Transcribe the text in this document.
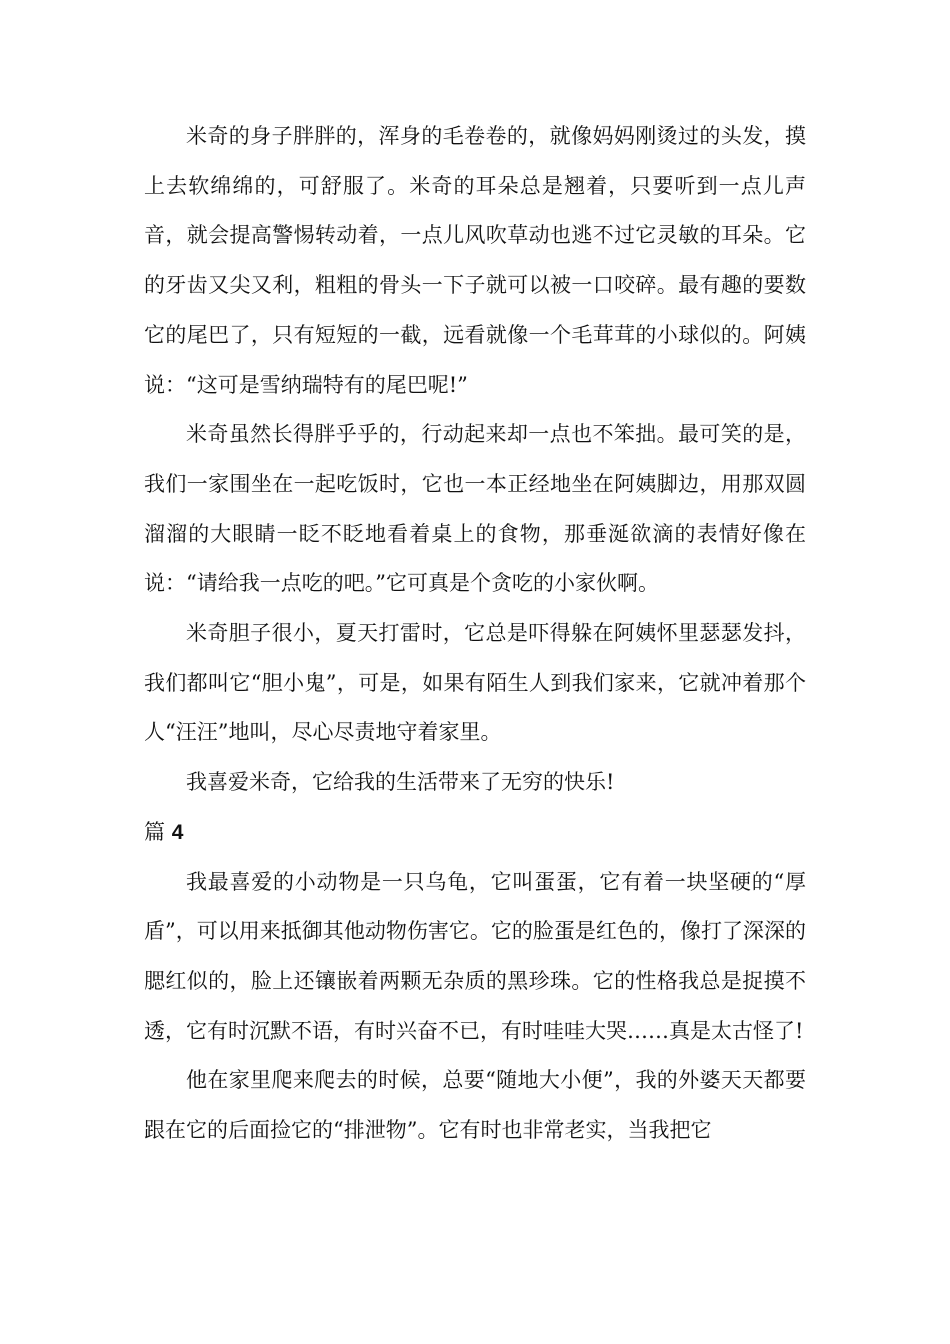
米奇的身子胖胖的，浑身的毛卷卷的，就像妈妈刚烫过的头发，摸上去软绵绵的，可舒服了。米奇的耳朵总是翘着，只要听到一点儿声音，就会提高警惕转动着，一点儿风吹草动也逃不过它灵敏的耳朵。它的牙齿又尖又利，粗粗的骨头一下子就可以被一口咬碎。最有趣的要数它的尾巴了，只有短短的一截，远看就像一个毛茸茸的小球似的。阿姨说：“这可是雪纳瑞特有的尾巴呢!”

米奇虽然长得胖乎乎的，行动起来却一点也不笨拙。最可笑的是，我们一家围坐在一起吃饭时，它也一本正经地坐在阿姨脚边，用那双圆溜溜的大眼睛一眨不眨地看着桌上的食物，那垂涎欲滴的表情好像在说：“请给我一点吃的吧。”它可真是个贪吃的小家伙啊。

米奇胆子很小，夏天打雷时，它总是吓得躲在阿姨怀里瑟瑟发抖，我们都叫它“胆小鬼”，可是，如果有陌生人到我们家来，它就冲着那个人“汪汪”地叫，尽心尽责地守着家里。

我喜爱米奇，它给我的生活带来了无穷的快乐!

篇 4

我最喜爱的小动物是一只乌龟，它叫蛋蛋，它有着一块坚硬的“厚盾”，可以用来抵御其他动物伤害它。它的脸蛋是红色的，像打了深深的腮红似的，脸上还镶嵌着两颗无杂质的黑珍珠。它的性格我总是捉摸不透，它有时沉默不语，有时兴奋不已，有时哇哇大哭……真是太古怪了!

他在家里爬来爬去的时候，总要“随地大小便”，我的外婆天天都要跟在它的后面捡它的“排泄物”。它有时也非常老实，当我把它
